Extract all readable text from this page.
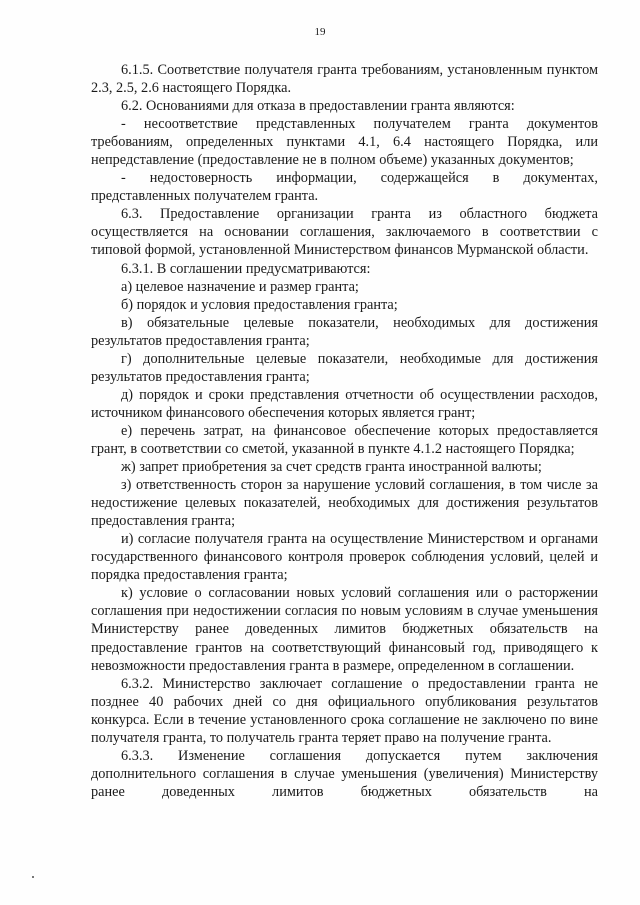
19

6.1.5. Соответствие получателя гранта требованиям, установленным пунктом 2.3, 2.5, 2.6 настоящего Порядка.

6.2. Основаниями для отказа в предоставлении гранта являются:

- несоответствие представленных получателем гранта документов требованиям, определенных пунктами 4.1, 6.4 настоящего Порядка, или непредставление (предоставление не в полном объеме) указанных документов;

- недостоверность информации, содержащейся в документах, представленных получателем гранта.

6.3. Предоставление организации гранта из областного бюджета осуществляется на основании соглашения, заключаемого в соответствии с типовой формой, установленной Министерством финансов Мурманской области.

6.3.1. В соглашении предусматриваются:

а) целевое назначение и размер гранта;

б) порядок и условия предоставления гранта;

в) обязательные целевые показатели, необходимых для достижения результатов предоставления гранта;

г) дополнительные целевые показатели, необходимые для достижения результатов предоставления гранта;

д) порядок и сроки представления отчетности об осуществлении расходов, источником финансового обеспечения которых является грант;

е) перечень затрат, на финансовое обеспечение которых предоставляется грант, в соответствии со сметой, указанной в пункте 4.1.2 настоящего Порядка;

ж) запрет приобретения за счет средств гранта иностранной валюты;

з) ответственность сторон за нарушение условий соглашения, в том числе за недостижение целевых показателей, необходимых для достижения результатов предоставления гранта;

и) согласие получателя гранта на осуществление Министерством и органами государственного финансового контроля проверок соблюдения условий, целей и порядка предоставления гранта;

к) условие о согласовании новых условий соглашения или о расторжении соглашения при недостижении согласия по новым условиям в случае уменьшения Министерству ранее доведенных лимитов бюджетных обязательств на предоставление грантов на соответствующий финансовый год, приводящего к невозможности предоставления гранта в размере, определенном в соглашении.

6.3.2. Министерство заключает соглашение о предоставлении гранта не позднее 40 рабочих дней со дня официального опубликования результатов конкурса. Если в течение установленного срока соглашение не заключено по вине получателя гранта, то получатель гранта теряет право на получение гранта.

6.3.3. Изменение соглашения допускается путем заключения дополнительного соглашения в случае уменьшения (увеличения) Министерству ранее доведенных лимитов бюджетных обязательств на
